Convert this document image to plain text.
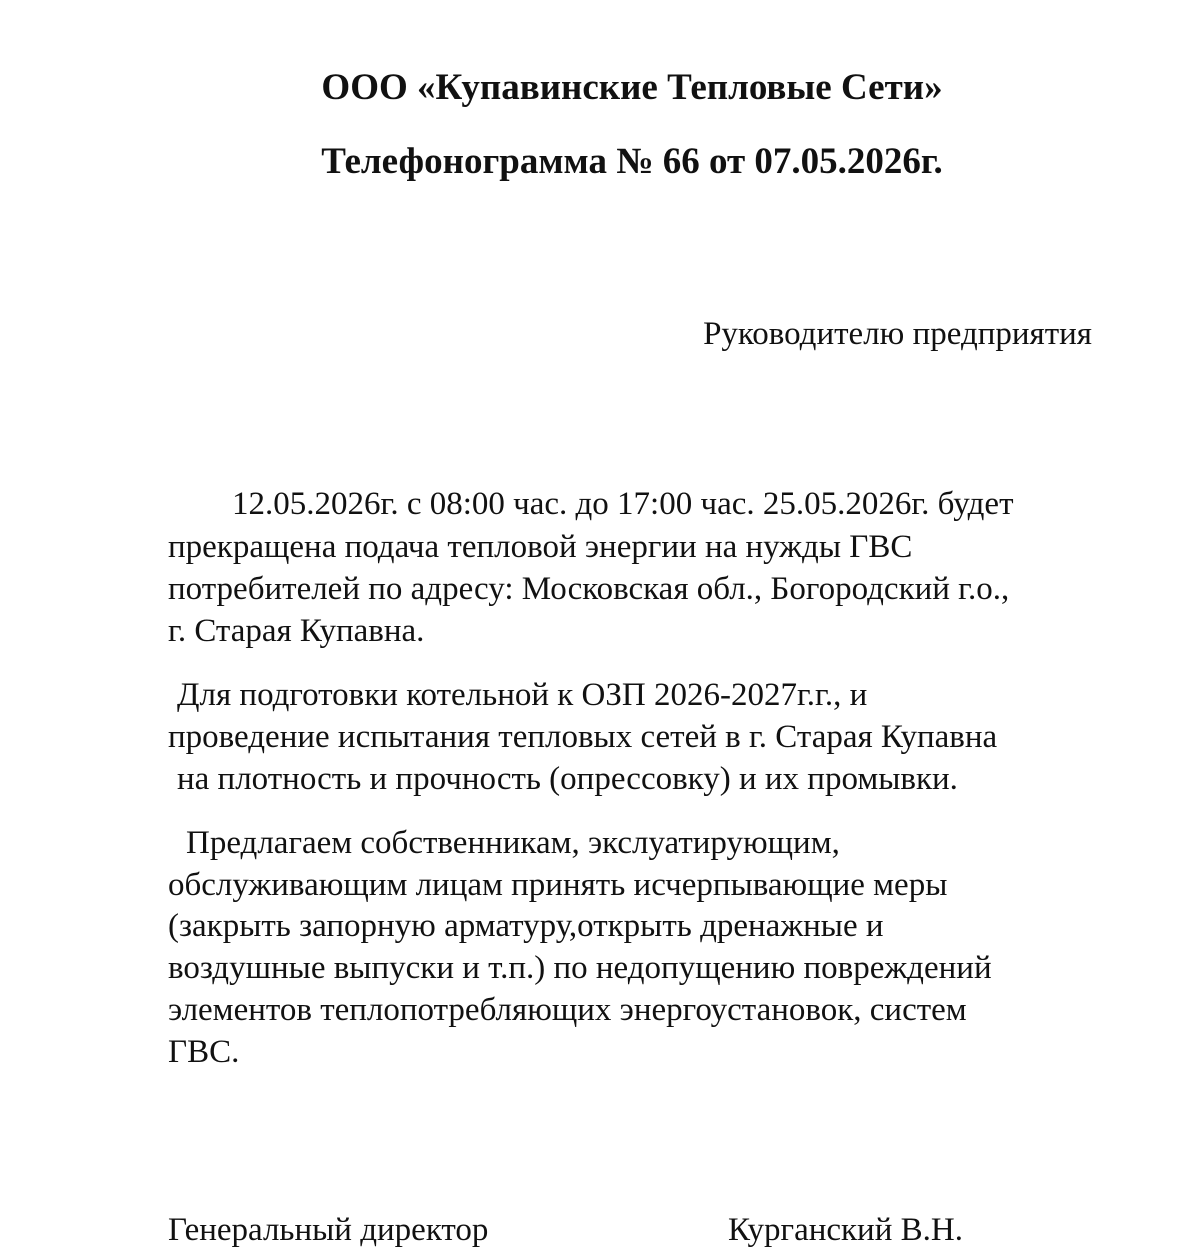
ООО «Купавинские Тепловые Сети»
Телефонограмма № 66 от 07.05.2026г.
Руководителю предприятия
12.05.2026г. с 08:00 час. до 17:00 час. 25.05.2026г. будет
прекращена подача тепловой энергии на нужды ГВС
потребителей по адресу: Московская обл., Богородский г.о.,
г. Старая Купавна.
Для подготовки котельной к ОЗП 2026-2027г.г., и
проведение испытания тепловых сетей в г. Старая Купавна
на плотность и прочность (опрессовку) и их промывки.
Предлагаем собственникам, экслуатирующим,
обслуживающим лицам принять исчерпывающие меры
(закрыть запорную арматуру,открыть дренажные и
воздушные выпуски и т.п.) по недопущению повреждений
элементов теплопотребляющих энергоустановок, систем
ГВС.
Генеральный директор	Курганский В.Н.
